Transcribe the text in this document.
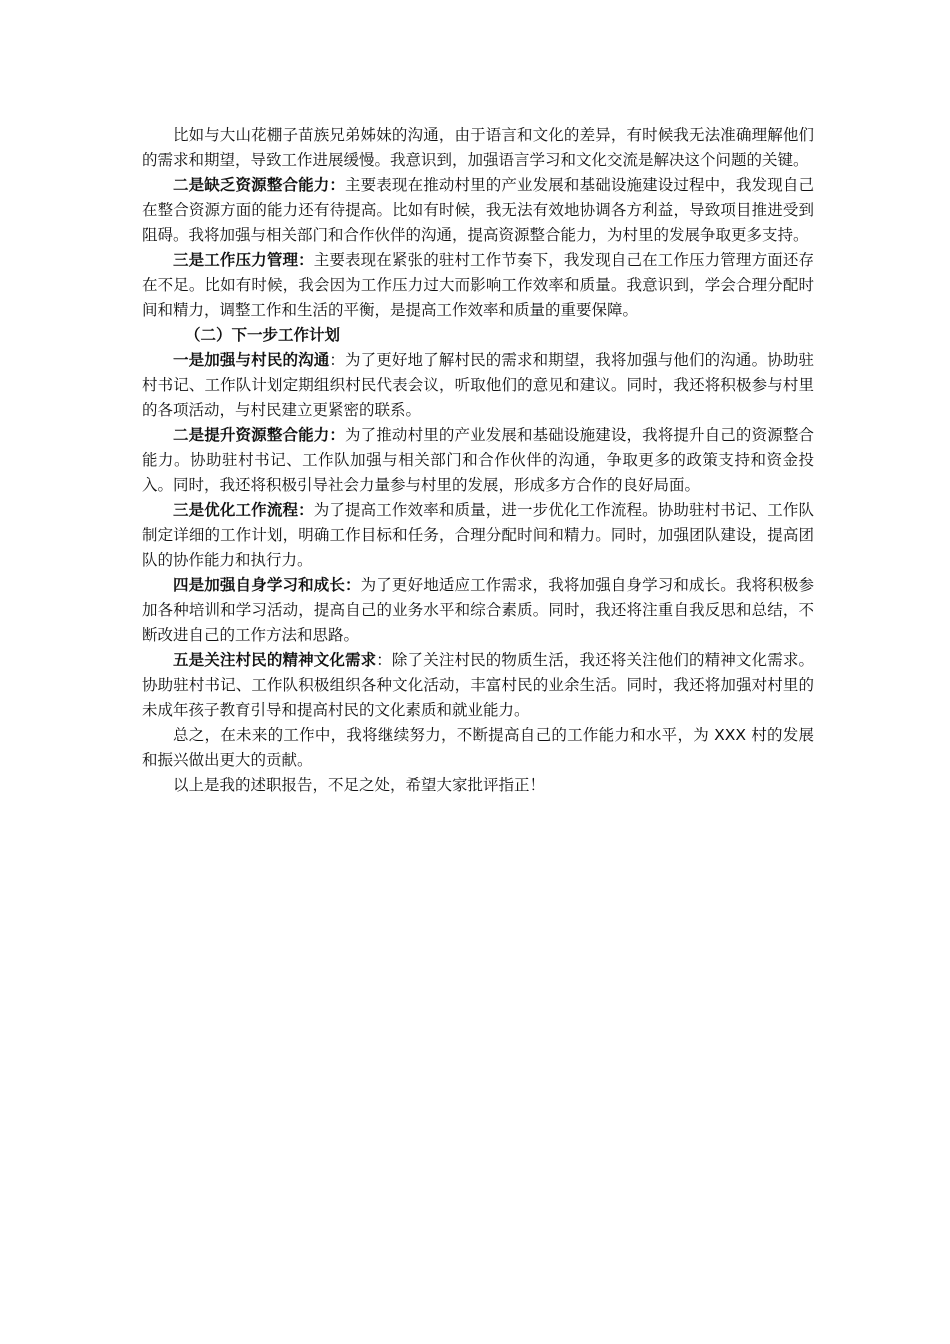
比如与大山花棚子苗族兄弟姊妹的沟通，由于语言和文化的差异，有时候我无法准确理解他们的需求和期望，导致工作进展缓慢。我意识到，加强语言学习和文化交流是解决这个问题的关键。

二是缺乏资源整合能力：主要表现在推动村里的产业发展和基础设施建设过程中，我发现自己在整合资源方面的能力还有待提高。比如有时候，我无法有效地协调各方利益，导致项目推进受到阻碍。我将加强与相关部门和合作伙伴的沟通，提高资源整合能力，为村里的发展争取更多支持。

三是工作压力管理：主要表现在紧张的驻村工作节奏下，我发现自己在工作压力管理方面还存在不足。比如有时候，我会因为工作压力过大而影响工作效率和质量。我意识到，学会合理分配时间和精力，调整工作和生活的平衡，是提高工作效率和质量的重要保障。

（二）下一步工作计划

一是加强与村民的沟通：为了更好地了解村民的需求和期望，我将加强与他们的沟通。协助驻村书记、工作队计划定期组织村民代表会议，听取他们的意见和建议。同时，我还将积极参与村里的各项活动，与村民建立更紧密的联系。

二是提升资源整合能力：为了推动村里的产业发展和基础设施建设，我将提升自己的资源整合能力。协助驻村书记、工作队加强与相关部门和合作伙伴的沟通，争取更多的政策支持和资金投入。同时，我还将积极引导社会力量参与村里的发展，形成多方合作的良好局面。

三是优化工作流程：为了提高工作效率和质量，进一步优化工作流程。协助驻村书记、工作队制定详细的工作计划，明确工作目标和任务，合理分配时间和精力。同时，加强团队建设，提高团队的协作能力和执行力。

四是加强自身学习和成长：为了更好地适应工作需求，我将加强自身学习和成长。我将积极参加各种培训和学习活动，提高自己的业务水平和综合素质。同时，我还将注重自我反思和总结，不断改进自己的工作方法和思路。

五是关注村民的精神文化需求：除了关注村民的物质生活，我还将关注他们的精神文化需求。协助驻村书记、工作队积极组织各种文化活动，丰富村民的业余生活。同时，我还将加强对村里的未成年孩子教育引导和提高村民的文化素质和就业能力。

总之，在未来的工作中，我将继续努力，不断提高自己的工作能力和水平，为 XXX 村的发展和振兴做出更大的贡献。

以上是我的述职报告，不足之处，希望大家批评指正！
